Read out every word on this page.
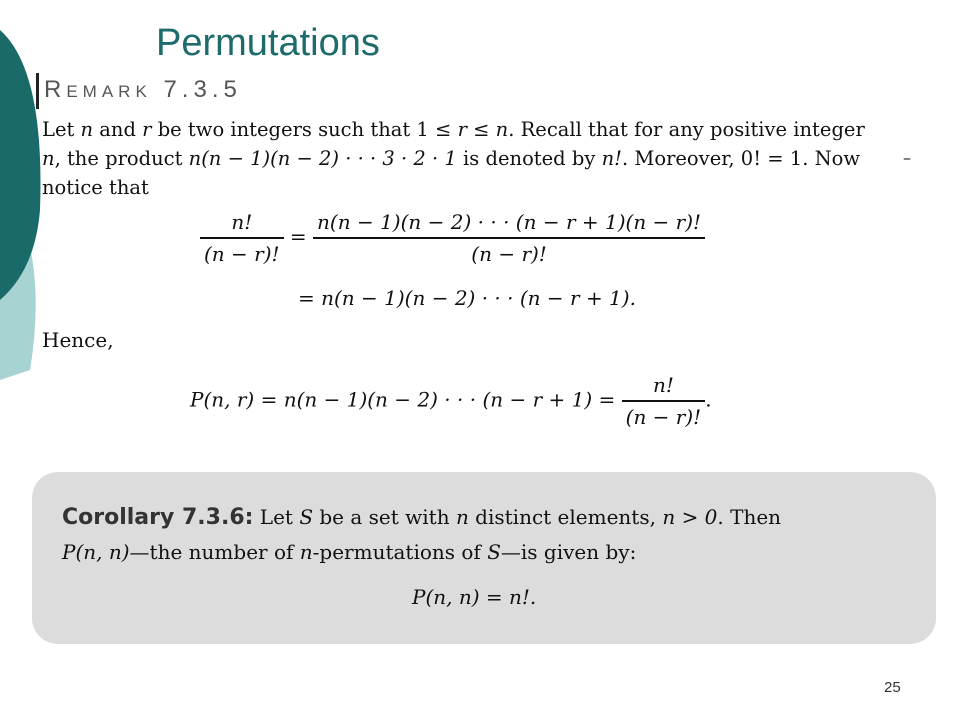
Permutations
Remark 7.3.5
Let n and r be two integers such that 1 ≤ r ≤ n. Recall that for any positive integer
n, the product n(n − 1)(n − 2) · · · 3 · 2 · 1 is denoted by n!. Moreover, 0! = 1. Now
notice that
–
$\frac{n!}{(n - r)!} = \frac{n(n - 1)(n - 2) \cdot \cdot \cdot (n - r + 1)(n - r)!}{(n - r)!}$
= n(n − 1)(n − 2) · · · (n − r + 1).
Hence,
P(n, r) = n(n − 1)(n − 2) · · · $(n - r + 1) = \frac{n!}{(n - r)!}$ .
Corollary 7.3.6: Let S be a set with n distinct elements, n > 0. Then
P(n, n)—the number of n-permutations of S—is given by:
P(n, n) = n!.
25
